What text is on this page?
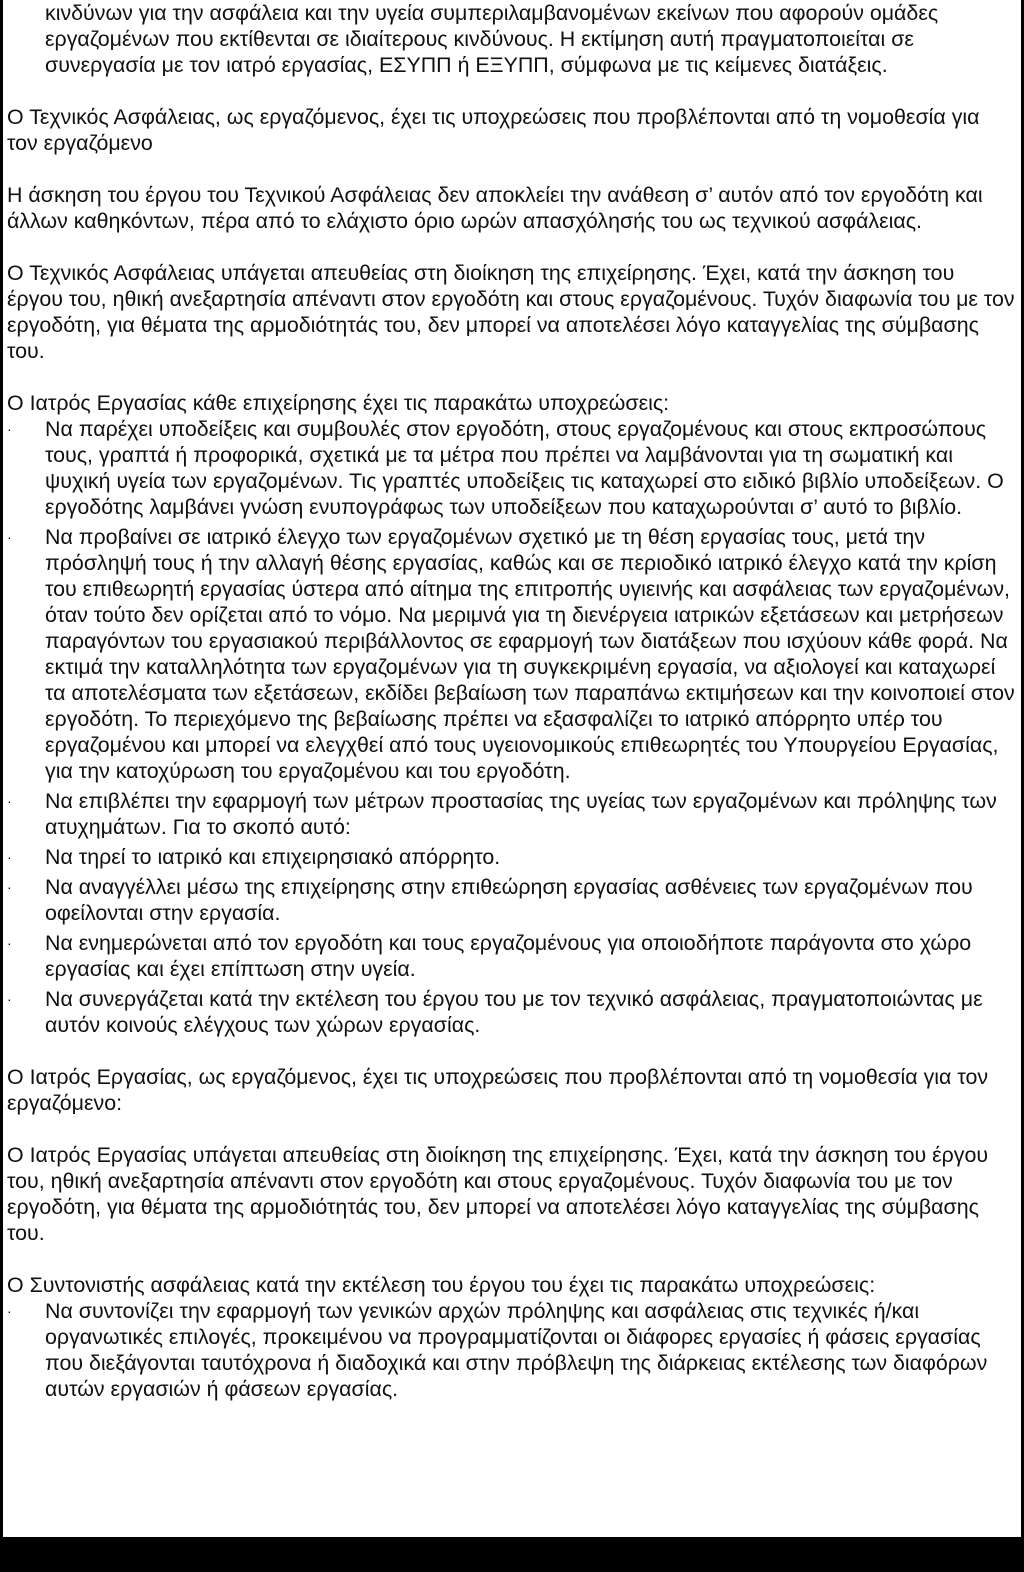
κινδύνων για την ασφάλεια και την υγεία συμπεριλαμβανομένων εκείνων που αφορούν ομάδες εργαζομένων που εκτίθενται σε ιδιαίτερους κινδύνους. Η εκτίμηση αυτή πραγματοποιείται σε συνεργασία με τον ιατρό εργασίας, ΕΣΥΠΠ ή ΕΞΥΠΠ, σύμφωνα με τις κείμενες διατάξεις.

Ο Τεχνικός Ασφάλειας, ως εργαζόμενος, έχει τις υποχρεώσεις που προβλέπονται από τη νομοθεσία για τον εργαζόμενο

Η άσκηση του έργου του Τεχνικού Ασφάλειας δεν αποκλείει την ανάθεση σ’ αυτόν από τον εργοδότη και άλλων καθηκόντων, πέρα από το ελάχιστο όριο ωρών απασχόλησής του ως τεχνικού ασφάλειας.

Ο Τεχνικός Ασφάλειας υπάγεται απευθείας στη διοίκηση της επιχείρησης. Έχει, κατά την άσκηση του έργου του, ηθική ανεξαρτησία απέναντι στον εργοδότη και στους εργαζομένους. Τυχόν διαφωνία του με τον εργοδότη, για θέματα της αρμοδιότητάς του, δεν μπορεί να αποτελέσει λόγο καταγγελίας της σύμβασης του.

Ο Ιατρός Εργασίας κάθε επιχείρησης έχει τις παρακάτω υποχρεώσεις:

· Να παρέχει υποδείξεις και συμβουλές στον εργοδότη, στους εργαζομένους και στους εκπροσώπους τους, γραπτά ή προφορικά, σχετικά με τα μέτρα που πρέπει να λαμβάνονται για τη σωματική και ψυχική υγεία των εργαζομένων. Τις γραπτές υποδείξεις τις καταχωρεί στο ειδικό βιβλίο υποδείξεων. Ο εργοδότης λαμβάνει γνώση ενυπογράφως των υποδείξεων που καταχωρούνται σ’ αυτό το βιβλίο.
· Να προβαίνει σε ιατρικό έλεγχο των εργαζομένων σχετικό με τη θέση εργασίας τους, μετά την πρόσληψή τους ή την αλλαγή θέσης εργασίας, καθώς και σε περιοδικό ιατρικό έλεγχο κατά την κρίση του επιθεωρητή εργασίας ύστερα από αίτημα της επιτροπής υγιεινής και ασφάλειας των εργαζομένων, όταν τούτο δεν ορίζεται από το νόμο. Να μεριμνά για τη διενέργεια ιατρικών εξετάσεων και μετρήσεων παραγόντων του εργασιακού περιβάλλοντος σε εφαρμογή των διατάξεων που ισχύουν κάθε φορά. Να εκτιμά την καταλληλότητα των εργαζομένων για τη συγκεκριμένη εργασία, να αξιολογεί και καταχωρεί τα αποτελέσματα των εξετάσεων, εκδίδει βεβαίωση των παραπάνω εκτιμήσεων και την κοινοποιεί στον εργοδότη. Το περιεχόμενο της βεβαίωσης πρέπει να εξασφαλίζει το ιατρικό απόρρητο υπέρ του εργαζομένου και μπορεί να ελεγχθεί από τους υγειονομικούς επιθεωρητές του Υπουργείου Εργασίας, για την κατοχύρωση του εργαζομένου και του εργοδότη.
· Να επιβλέπει την εφαρμογή των μέτρων προστασίας της υγείας των εργαζομένων και πρόληψης των ατυχημάτων. Για το σκοπό αυτό:
· Να τηρεί το ιατρικό και επιχειρησιακό απόρρητο.
· Να αναγγέλλει μέσω της επιχείρησης στην επιθεώρηση εργασίας ασθένειες των εργαζομένων που οφείλονται στην εργασία.
· Να ενημερώνεται από τον εργοδότη και τους εργαζομένους για οποιοδήποτε παράγοντα στο χώρο εργασίας και έχει επίπτωση στην υγεία.
· Να συνεργάζεται κατά την εκτέλεση του έργου του με τον τεχνικό ασφάλειας, πραγματοποιώντας με αυτόν κοινούς ελέγχους των χώρων εργασίας.

Ο Ιατρός Εργασίας, ως εργαζόμενος, έχει τις υποχρεώσεις που προβλέπονται από τη νομοθεσία για τον εργαζόμενο:

Ο Ιατρός Εργασίας υπάγεται απευθείας στη διοίκηση της επιχείρησης. Έχει, κατά την άσκηση του έργου του, ηθική ανεξαρτησία απέναντι στον εργοδότη και στους εργαζομένους. Τυχόν διαφωνία του με τον εργοδότη, για θέματα της αρμοδιότητάς του, δεν μπορεί να αποτελέσει λόγο καταγγελίας της σύμβασης του.

Ο Συντονιστής ασφάλειας κατά την εκτέλεση του έργου του έχει τις παρακάτω υποχρεώσεις:

· Να συντονίζει την εφαρμογή των γενικών αρχών πρόληψης και ασφάλειας στις τεχνικές ή/και οργανωτικές επιλογές, προκειμένου να προγραμματίζονται οι διάφορες εργασίες ή φάσεις εργασίας που διεξάγονται ταυτόχρονα ή διαδοχικά και στην πρόβλεψη της διάρκειας εκτέλεσης των διαφόρων αυτών εργασιών ή φάσεων εργασίας.
